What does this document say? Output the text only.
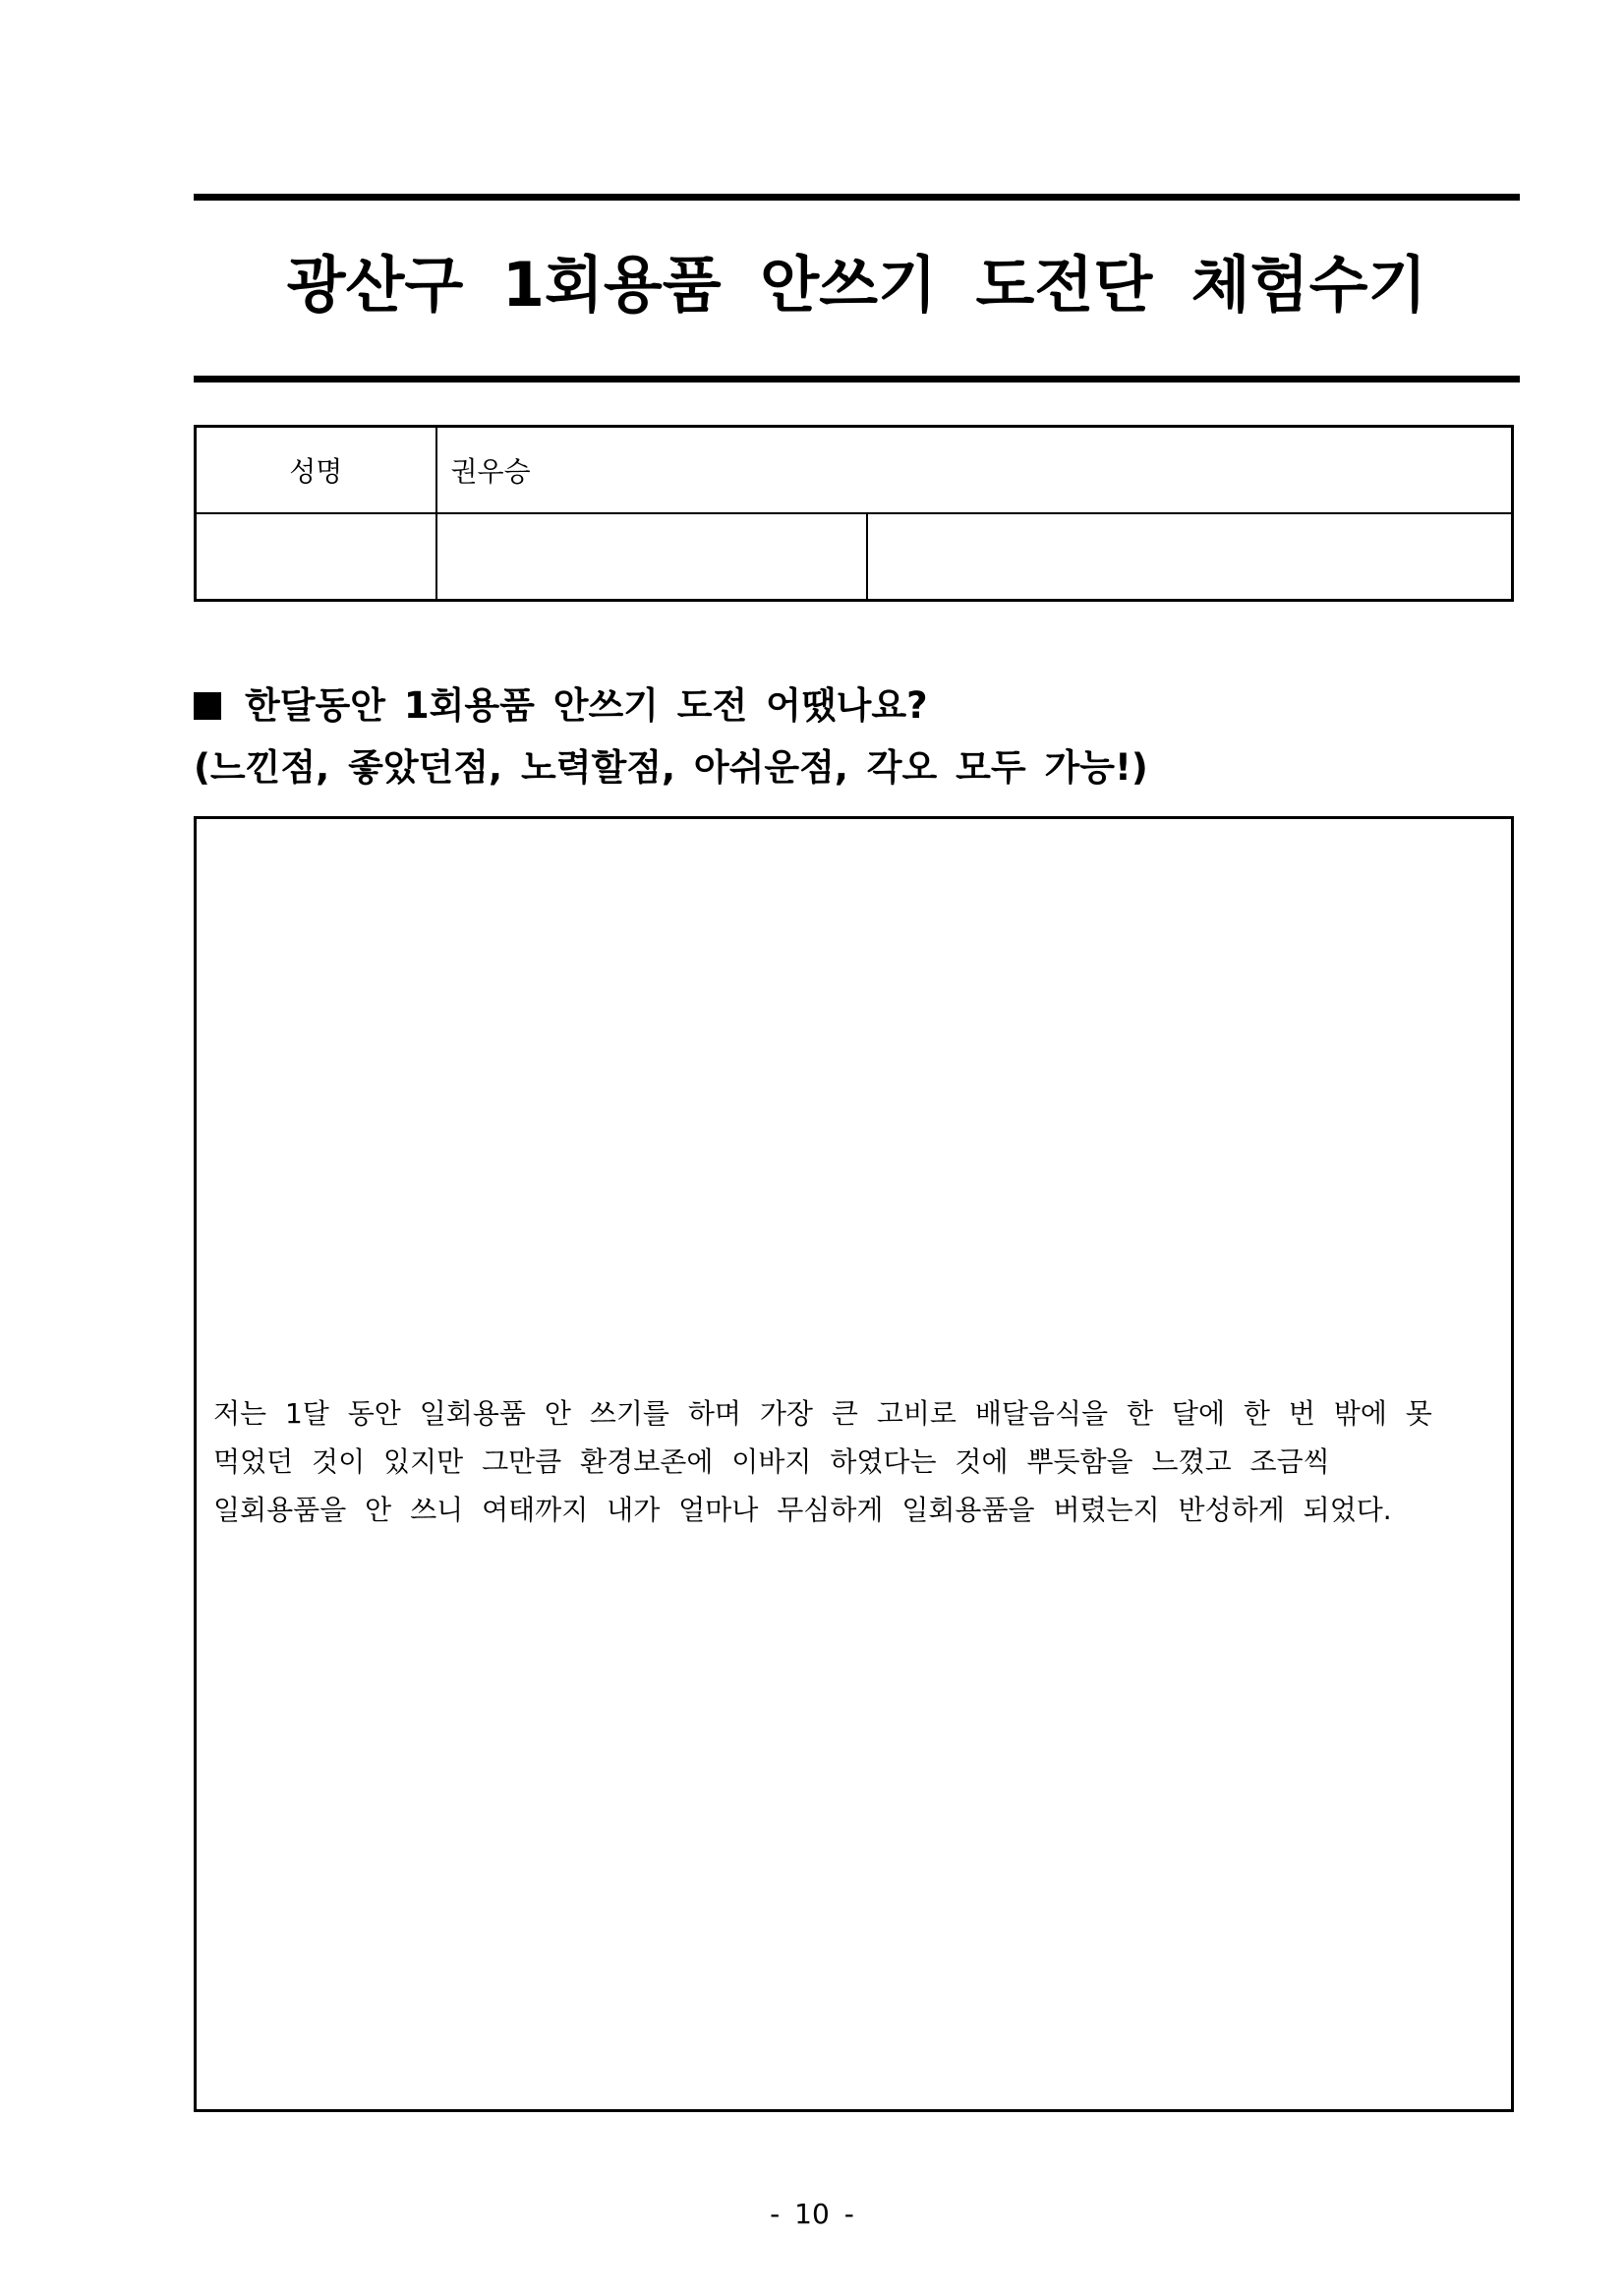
광산구 1회용품 안쓰기 도전단 체험수기
성명	권우승	

한달동안 1회용품 안쓰기 도전 어땠나요?
(느낀점, 좋았던점, 노력할점, 아쉬운점, 각오 모두 가능!)

저는 1달 동안 일회용품 안 쓰기를 하며 가장 큰 고비로 배달음식을 한 달에 한 번 밖에 못
먹었던 것이 있지만 그만큼 환경보존에 이바지 하였다는 것에 뿌듯함을 느꼈고 조금씩
일회용품을 안 쓰니 여태까지 내가 얼마나 무심하게 일회용품을 버렸는지 반성하게 되었다.

- 10 -
